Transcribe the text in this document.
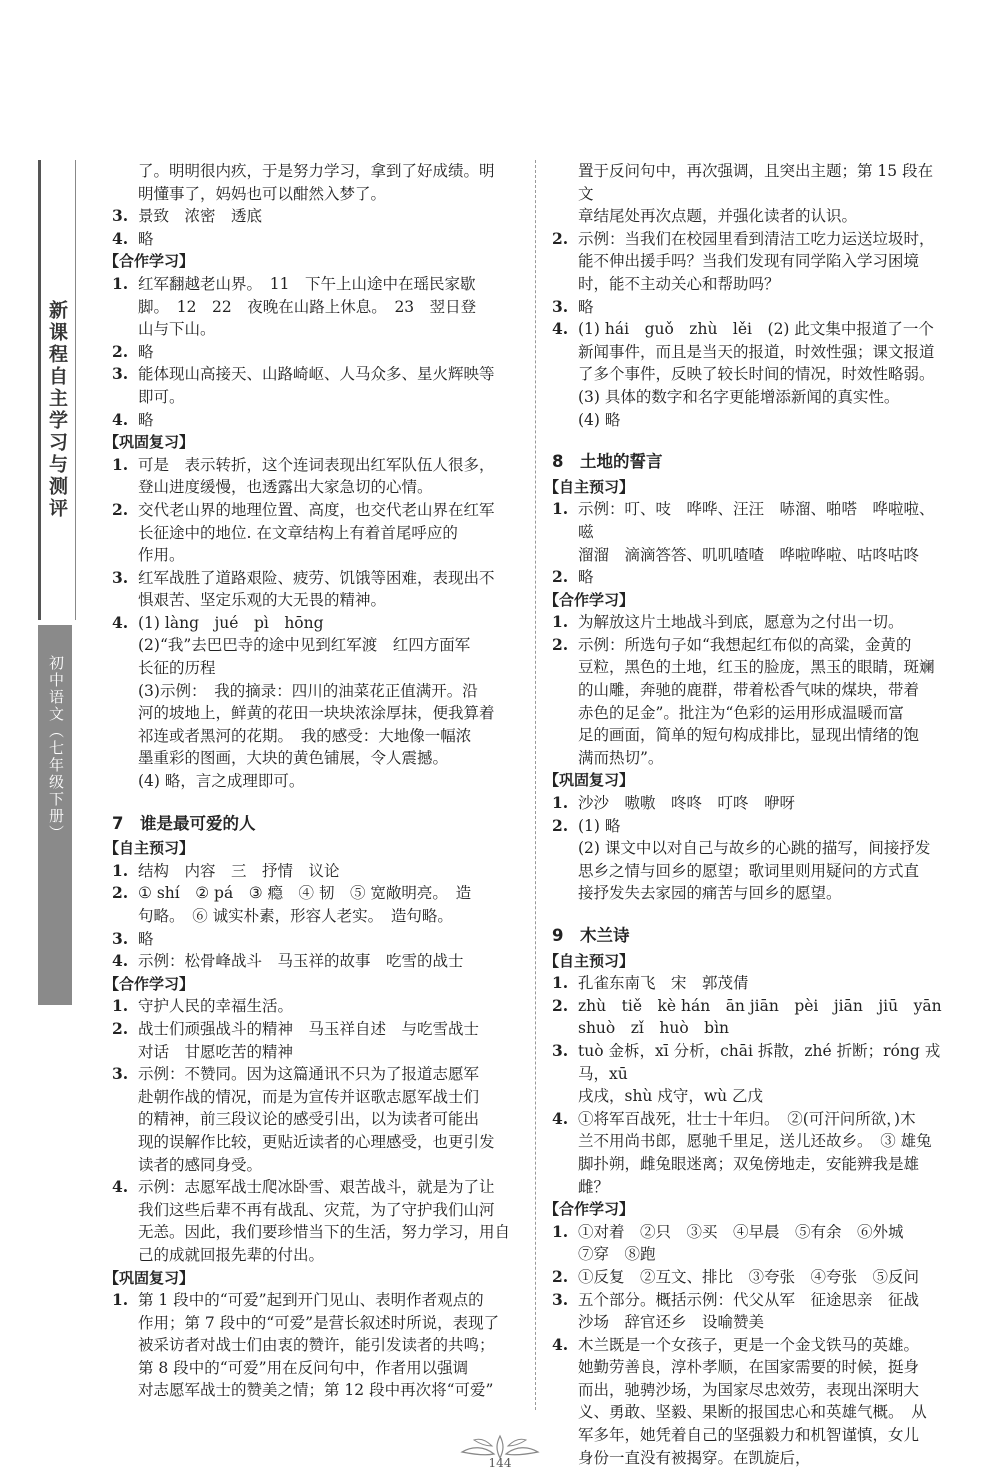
新课程自主学习与测评
初中语文（七年级下册）
了。明明很内疚，于是努力学习，拿到了好成绩。明
明懂事了，妈妈也可以酣然入梦了。
3. 景致　浓密　透底
4. 略
【合作学习】
1. 红军翻越老山界。　11　下午上山途中在瑶民家歇
脚。　12　22　夜晚在山路上休息。　23　翌日登
山与下山。
2. 略
3. 能体现山高接天、山路崎岖、人马众多、星火辉映等
即可。
4. 略
【巩固复习】
1. 可是　表示转折，这个连词表现出红军队伍人很多，
登山进度缓慢，也透露出大家急切的心情。
2. 交代老山界的地理位置、高度，也交代老山界在红军
长征途中的地位. 在文章结构上有着首尾呼应的
作用。
3. 红军战胜了道路艰险、疲劳、饥饿等困难，表现出不
惧艰苦、坚定乐观的大无畏的精神。
4. (1) làng　jué　pì　hōng
(2)“我”去巴巴寺的途中见到红军渡　红四方面军
长征的历程
(3)示例：　我的摘录：四川的油菜花正值满开。沿
河的坡地上，鲜黄的花田一块块浓涂厚抹，便我算着
祁连或者黑河的花期。　我的感受：大地像一幅浓
墨重彩的图画，大块的黄色铺展，令人震撼。
(4) 略，言之成理即可。
7　谁是最可爱的人
【自主预习】
1. 结构　内容　三　抒情　议论
2. ① shí　② pá　③ 瘾　④ 韧　⑤ 宽敞明亮。　造
句略。　⑥ 诚实朴素，形容人老实。　造句略。
3. 略
4. 示例：松骨峰战斗　马玉祥的故事　吃雪的战士
【合作学习】
1. 守护人民的幸福生活。
2. 战士们顽强战斗的精神　马玉祥自述　与吃雪战士
对话　甘愿吃苦的精神
3. 示例：不赞同。因为这篇通讯不只为了报道志愿军
赴朝作战的情况，而是为宣传并讴歌志愿军战士们
的精神，前三段议论的感受引出，以为读者可能出
现的误解作比较，更贴近读者的心理感受，也更引发
读者的感同身受。
4. 示例：志愿军战士爬冰卧雪、艰苦战斗，就是为了让
我们这些后辈不再有战乱、灾荒，为了守护我们山河
无恙。因此，我们要珍惜当下的生活，努力学习，用自
己的成就回报先辈的付出。
【巩固复习】
1. 第 1 段中的“可爱”起到开门见山、表明作者观点的
作用；第 7 段中的“可爱”是营长叙述时所说，表现了
被采访者对战士们由衷的赞许，能引发读者的共鸣；
第 8 段中的“可爱”用在反问句中，作者用以强调
对志愿军战士的赞美之情；第 12 段中再次将“可爱”
置于反问句中，再次强调，且突出主题；第 15 段在文
章结尾处再次点题，并强化读者的认识。
2. 示例：当我们在校园里看到清洁工吃力运送垃圾时，
能不伸出援手吗？当我们发现有同学陷入学习困境
时，能不主动关心和帮助吗？
3. 略
4. (1) hái　guǒ　zhù　lěi　(2) 此文集中报道了一个
新闻事件，而且是当天的报道，时效性强；课文报道
了多个事件，反映了较长时间的情况，时效性略弱。
(3) 具体的数字和名字更能增添新闻的真实性。
(4) 略
8　土地的誓言
【自主预习】
1. 示例：叮、吱　哗哗、汪汪　哧溜、啪嗒　哗啦啦、嗞
溜溜　滴滴答答、叽叽喳喳　哗啦哗啦、咕咚咕咚
2. 略
【合作学习】
1. 为解放这片土地战斗到底，愿意为之付出一切。
2. 示例：所选句子如“我想起红布似的高粱，金黄的
豆粒，黑色的土地，红玉的脸庞，黑玉的眼睛，斑斓
的山雕，奔驰的鹿群，带着松香气味的煤块，带着
赤色的足金”。批注为“色彩的运用形成温暖而富
足的画面，简单的短句构成排比，显现出情绪的饱
满而热切”。
【巩固复习】
1. 沙沙　嗷嗷　咚咚　叮咚　咿呀
2. (1) 略
(2) 课文中以对自己与故乡的心跳的描写，间接抒发
思乡之情与回乡的愿望；歌词里则用疑问的方式直
接抒发失去家园的痛苦与回乡的愿望。
9　木兰诗
【自主预习】
1. 孔雀东南飞　宋　郭茂倩
2. zhù　tiě　kè hán　ān jiān　pèi　jiān　jiū　yān
shuò　zǐ　huò　bìn
3. tuò 金柝，xī 分析，chāi 拆散，zhé 折断；róng 戎马，xū
戌戌，shù 戍守，wù 乙戊
4. ①将军百战死，壮士十年归。　②(可汗问所欲，)木
兰不用尚书郎，愿驰千里足，送儿还故乡。　③ 雄兔
脚扑朔，雌兔眼迷离；双兔傍地走，安能辨我是雄雌？
【合作学习】
1. ①对着　②只　③买　④早晨　⑤有余　⑥外城
⑦穿　⑧跑
2. ①反复　②互文、排比　③夸张　④夸张　⑤反问
3. 五个部分。概括示例：代父从军　征途思亲　征战
沙场　辞官还乡　设喻赞美
4. 木兰既是一个女孩子，更是一个金戈铁马的英雄。
她勤劳善良，淳朴孝顺，在国家需要的时候，挺身
而出，驰骋沙场，为国家尽忠效劳，表现出深明大
义、勇敢、坚毅、果断的报国忠心和英雄气概。　从
军多年，她凭着自己的坚强毅力和机智谨慎，女儿
身份一直没有被揭穿。在凯旋后，
144
